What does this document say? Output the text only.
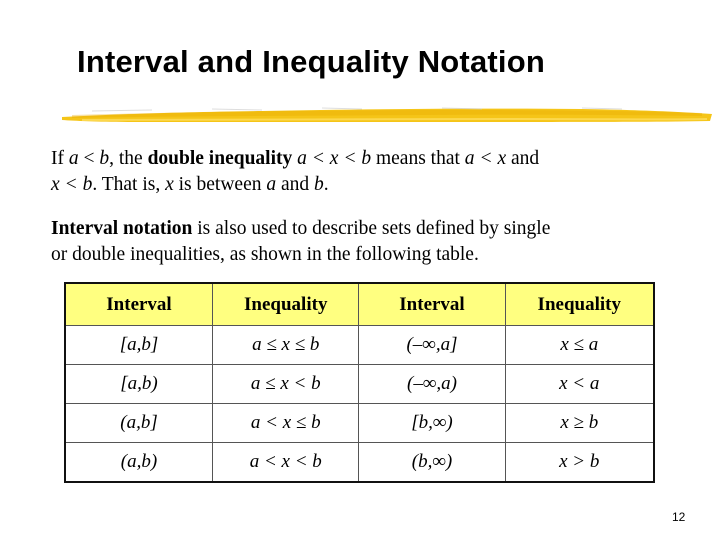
Interval and Inequality Notation
If a < b, the double inequality a < x < b means that a < x and
x < b. That is, x is between a and b.
Interval notation is also used to describe sets defined by single
or double inequalities, as shown in the following table.
Interval	Inequality	Interval	Inequality
[a,b]	a ≤ x ≤ b	(–∞,a]	x ≤ a
[a,b)	a ≤ x < b	(–∞,a)	x < a
(a,b]	a < x ≤ b	[b,∞)	x ≥ b
(a,b)	a < x < b	(b,∞)	x > b
12
